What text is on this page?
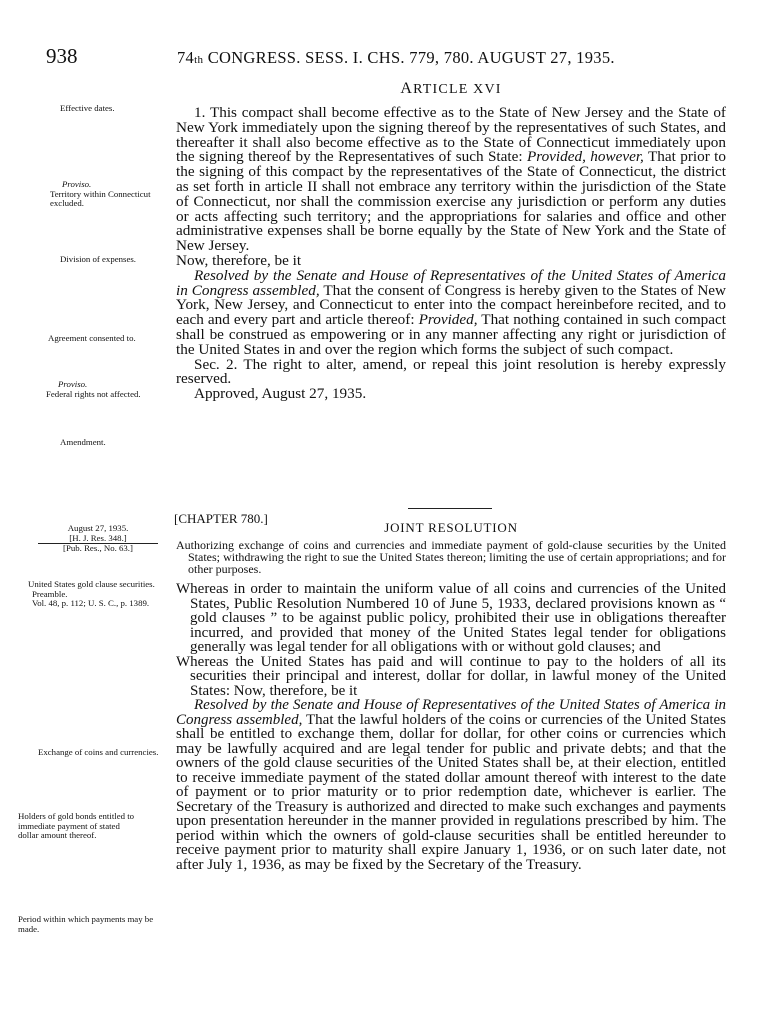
938	74th CONGRESS. SESS. I. CHS. 779, 780. AUGUST 27, 1935.
ARTICLE XVI
Effective dates.
Proviso.
Territory within Connecticut excluded.
Division of expenses.
Agreement consented to.
Proviso.
Federal rights not affected.
Amendment.

1. This compact shall become effective as to the State of New Jersey and the State of New York immediately upon the signing thereof by the representatives of such States, and thereafter it shall also become effective as to the State of Connecticut immediately upon the signing thereof by the Representatives of such State: Provided, however, That prior to the signing of this compact by the representatives of the State of Connecticut, the district as set forth in article II shall not embrace any territory within the jurisdiction of the State of Connecticut, nor shall the commission exercise any jurisdiction or perform any duties or acts affecting such territory; and the appropriations for salaries and office and other administrative expenses shall be borne equally by the State of New York and the State of New Jersey.

Now, therefore, be it

Resolved by the Senate and House of Representatives of the United States of America in Congress assembled, That the consent of Congress is hereby given to the States of New York, New Jersey, and Connecticut to enter into the compact hereinbefore recited, and to each and every part and article thereof: Provided, That nothing contained in such compact shall be construed as empowering or in any manner affecting any right or jurisdiction of the United States in and over the region which forms the subject of such compact.

Sec. 2. The right to alter, amend, or repeal this joint resolution is hereby expressly reserved.

Approved, August 27, 1935.

[CHAPTER 780.]
JOINT RESOLUTION
August 27, 1935.
[H. J. Res. 348.]
[Pub. Res., No. 63.]	Authorizing exchange of coins and currencies and immediate payment of gold-clause securities by the United States; withdrawing the right to sue the United States thereon; limiting the use of certain appropriations; and for other purposes.

United States gold clause securities.
Preamble.
Vol. 48, p. 112; U. S. C., p. 1389.
Exchange of coins and currencies.
Holders of gold bonds entitled to immediate payment of stated dollar amount thereof.
Period within which payments may be made.

Whereas in order to maintain the uniform value of all coins and currencies of the United States, Public Resolution Numbered 10 of June 5, 1933, declared provisions known as “ gold clauses ” to be against public policy, prohibited their use in obligations thereafter incurred, and provided that money of the United States legal tender for obligations generally was legal tender for all obligations with or without gold clauses; and

Whereas the United States has paid and will continue to pay to the holders of all its securities their principal and interest, dollar for dollar, in lawful money of the United States: Now, therefore, be it

Resolved by the Senate and House of Representatives of the United States of America in Congress assembled, That the lawful holders of the coins or currencies of the United States shall be entitled to exchange them, dollar for dollar, for other coins or currencies which may be lawfully acquired and are legal tender for public and private debts; and that the owners of the gold clause securities of the United States shall be, at their election, entitled to receive immediate payment of the stated dollar amount thereof with interest to the date of payment or to prior maturity or to prior redemption date, whichever is earlier. The Secretary of the Treasury is authorized and directed to make such exchanges and payments upon presentation hereunder in the manner provided in regulations prescribed by him. The period within which the owners of gold-clause securities shall be entitled hereunder to receive payment prior to maturity shall expire January 1, 1936, or on such later date, not after July 1, 1936, as may be fixed by the Secretary of the Treasury.
